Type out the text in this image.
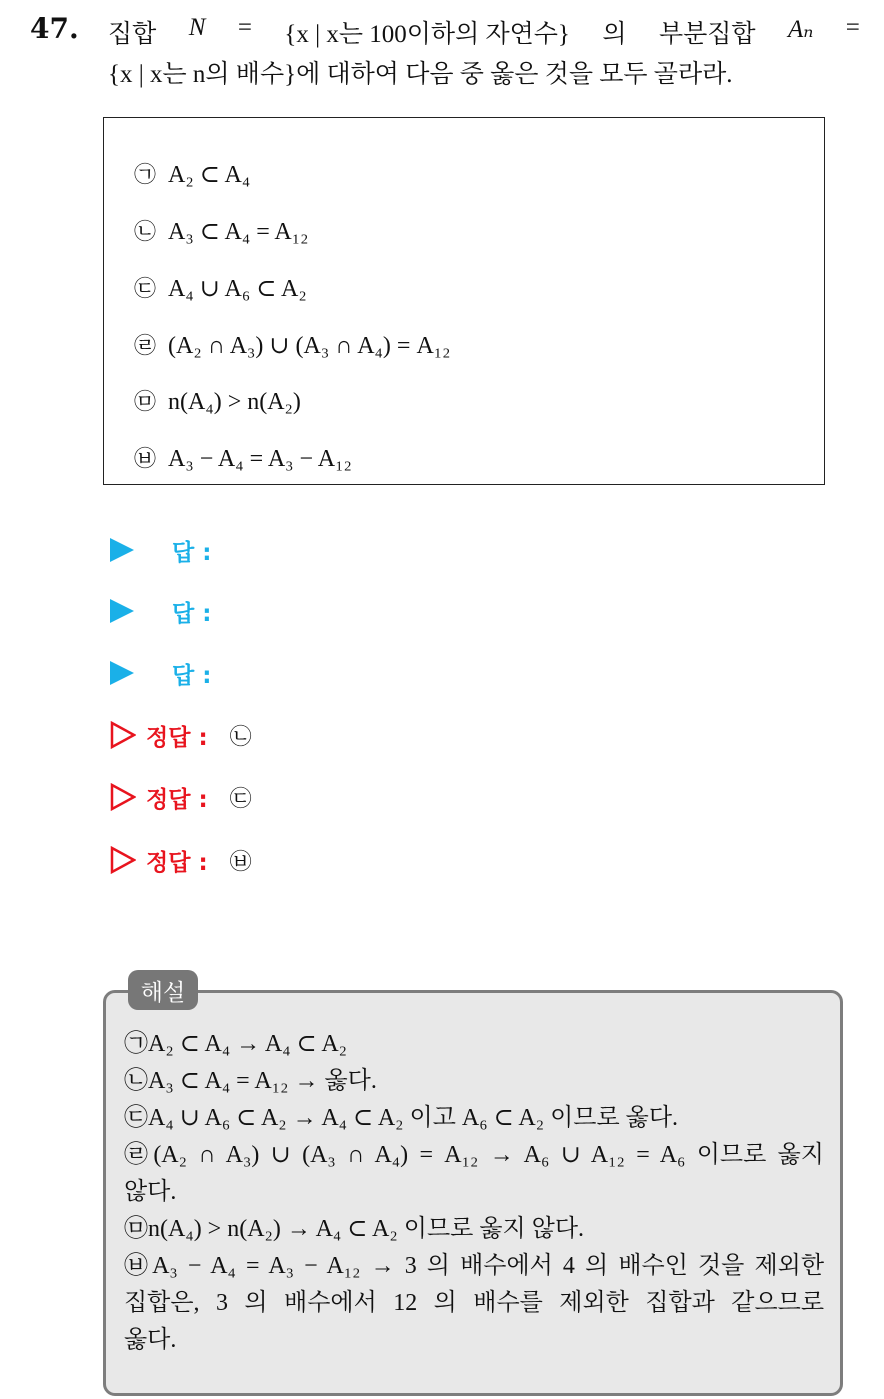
47. 집합 N = {x | x는 100이하의 자연수} 의 부분집합 Aₙ =
{x | x는 n의 배수}에 대하여 다음 중 옳은 것을 모두 골라라.
㉠ A₂ ⊂ A₄
㉡ A₃ ⊂ A₄ = A₁₂
㉢ A₄ ∪ A₆ ⊂ A₂
㉣ (A₂ ∩ A₃) ∪ (A₃ ∩ A₄) = A₁₂
㉤ n(A₄) > n(A₂)
㉥ A₃ − A₄ = A₃ − A₁₂
답 :
답 :
답 :
정답 : ㉡
정답 : ㉢
정답 : ㉥
해설
㉠A₂ ⊂ A₄ → A₄ ⊂ A₂
㉡A₃ ⊂ A₄ = A₁₂ → 옳다.
㉢A₄ ∪ A₆ ⊂ A₂ → A₄ ⊂ A₂ 이고 A₆ ⊂ A₂ 이므로 옳다.
㉣(A₂ ∩ A₃) ∪ (A₃ ∩ A₄) = A₁₂ → A₆ ∪ A₁₂ = A₆ 이므로 옳지
않다.
㉤n(A₄) > n(A₂) → A₄ ⊂ A₂ 이므로 옳지 않다.
㉥A₃ − A₄ = A₃ − A₁₂ → 3 의 배수에서 4 의 배수인 것을 제외한
집합은, 3 의 배수에서 12 의 배수를 제외한 집합과 같으므로
옳다.
